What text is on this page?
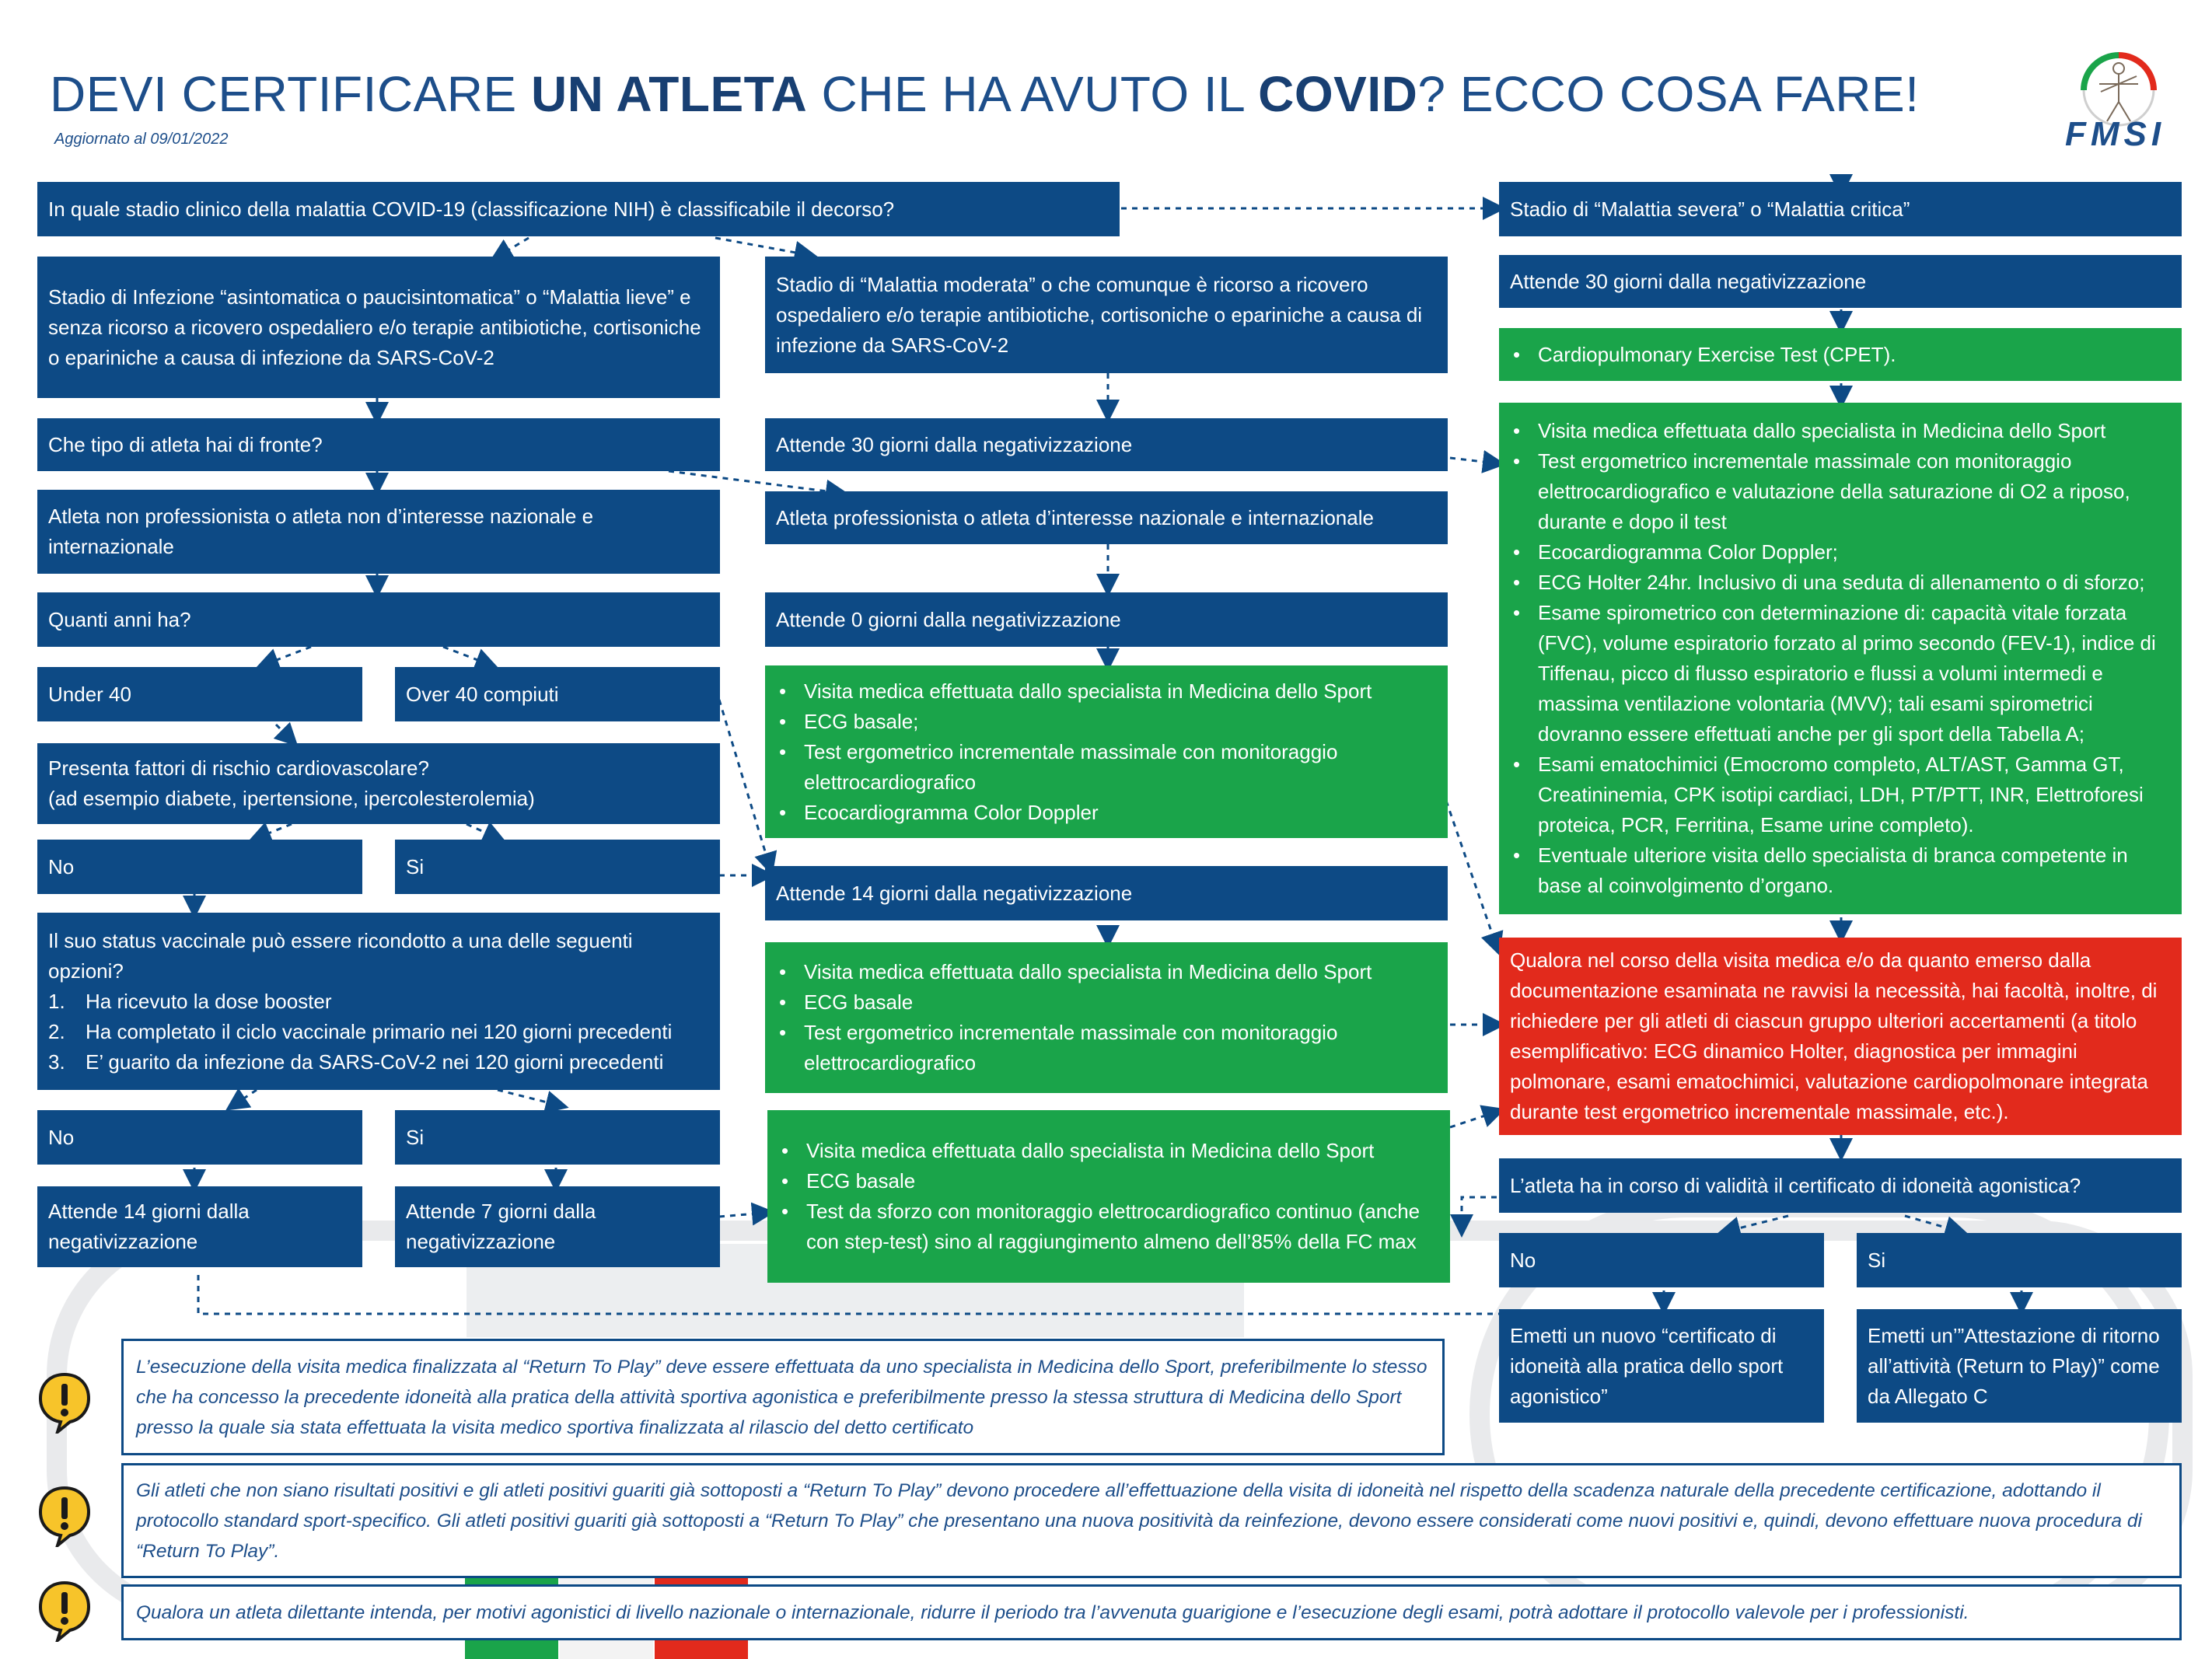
DEVI CERTIFICARE UN ATLETA CHE HA AVUTO IL COVID? ECCO COSA FARE!
Aggiornato al 09/01/2022	FMSI
In quale stadio clinico della malattia COVID-19 (classificazione NIH) è classificabile il decorso?
Stadio di Infezione “asintomatica o paucisintomatica” o “Malattia lieve” e senza ricorso a ricovero ospedaliero e/o terapie antibiotiche, cortisoniche o epariniche a causa di infezione da SARS-CoV-2
Che tipo di atleta hai di fronte?
Atleta non professionista o atleta non d’interesse nazionale e internazionale
Quanti anni ha?
Under 40	Over 40 compiuti
Presenta fattori di rischio cardiovascolare?
(ad esempio diabete, ipertensione, ipercolesterolemia)
No	Si
Il suo status vaccinale può essere ricondotto a una delle seguenti opzioni?
1.	Ha ricevuto la dose booster
2.	Ha completato il ciclo vaccinale primario nei 120 giorni precedenti
3.	E’ guarito da infezione da SARS-CoV-2 nei 120 giorni precedenti
No	Si
Attende 14 giorni dalla negativizzazione
Attende 7 giorni dalla negativizzazione
Stadio di “Malattia moderata” o che comunque è ricorso a ricovero ospedaliero e/o terapie antibiotiche, cortisoniche o epariniche a causa di infezione da SARS-CoV-2
Attende 30 giorni dalla negativizzazione
Atleta professionista o atleta d’interesse nazionale e internazionale
Attende 0 giorni dalla negativizzazione
• Visita medica effettuata dallo specialista in Medicina dello Sport
• ECG basale;
• Test ergometrico incrementale massimale con monitoraggio elettrocardiografico
• Ecocardiogramma Color Doppler
Attende 14 giorni dalla negativizzazione
• Visita medica effettuata dallo specialista in Medicina dello Sport
• ECG basale
• Test ergometrico incrementale massimale con monitoraggio elettrocardiografico
• Visita medica effettuata dallo specialista in Medicina dello Sport
• ECG basale
• Test da sforzo con monitoraggio elettrocardiografico continuo (anche con step-test) sino al raggiungimento almeno dell’85% della FC max
Stadio di “Malattia severa” o “Malattia critica”
Attende 30 giorni dalla negativizzazione
• Cardiopulmonary Exercise Test (CPET).
• Visita medica effettuata dallo specialista in Medicina dello Sport
• Test ergometrico incrementale massimale con monitoraggio elettrocardiografico e valutazione della saturazione di O2 a riposo, durante e dopo il test
• Ecocardiogramma Color Doppler;
• ECG Holter 24hr. Inclusivo di una seduta di allenamento o di sforzo;
• Esame spirometrico con determinazione di: capacità vitale forzata (FVC), volume espiratorio forzato al primo secondo (FEV-1), indice di Tiffenau, picco di flusso espiratorio e flussi a volumi intermedi e massima ventilazione volontaria (MVV); tali esami spirometrici dovranno essere effettuati anche per gli sport della Tabella A;
• Esami ematochimici (Emocromo completo, ALT/AST, Gamma GT, Creatininemia, CPK isotipi cardiaci, LDH, PT/PTT, INR, Elettroforesi proteica, PCR, Ferritina, Esame urine completo).
• Eventuale ulteriore visita dello specialista di branca competente in base al coinvolgimento d’organo.
Qualora nel corso della visita medica e/o da quanto emerso dalla documentazione esaminata ne ravvisi la necessità, hai facoltà, inoltre, di richiedere per gli atleti di ciascun gruppo ulteriori accertamenti (a titolo esemplificativo: ECG dinamico Holter, diagnostica per immagini polmonare, esami ematochimici, valutazione cardiopolmonare integrata durante test ergometrico incrementale massimale, etc.).
L’atleta ha in corso di validità il certificato di idoneità agonistica?
No	Si
Emetti un nuovo “certificato di idoneità alla pratica dello sport agonistico”
Emetti un’”Attestazione di ritorno all’attività (Return to Play)” come da Allegato C
L’esecuzione della visita medica finalizzata al “Return To Play” deve essere effettuata da uno specialista in Medicina dello Sport, preferibilmente lo stesso che ha concesso la precedente idoneità alla pratica della attività sportiva agonistica e preferibilmente presso la stessa struttura di Medicina dello Sport presso la quale sia stata effettuata la visita medico sportiva finalizzata al rilascio del detto certificato
Gli atleti che non siano risultati positivi e gli atleti positivi guariti già sottoposti a “Return To Play” devono procedere all’effettuazione della visita di idoneità nel rispetto della scadenza naturale della precedente certificazione, adottando il protocollo standard sport-specifico. Gli atleti positivi guariti già sottoposti a “Return To Play” che presentano una nuova positività da reinfezione, devono essere considerati come nuovi positivi e, quindi, devono effettuare nuova procedura di “Return To Play”.
Qualora un atleta dilettante intenda, per motivi agonistici di livello nazionale o internazionale, ridurre il periodo tra l’avvenuta guarigione e l’esecuzione degli esami, potrà adottare il protocollo valevole per i professionisti.
